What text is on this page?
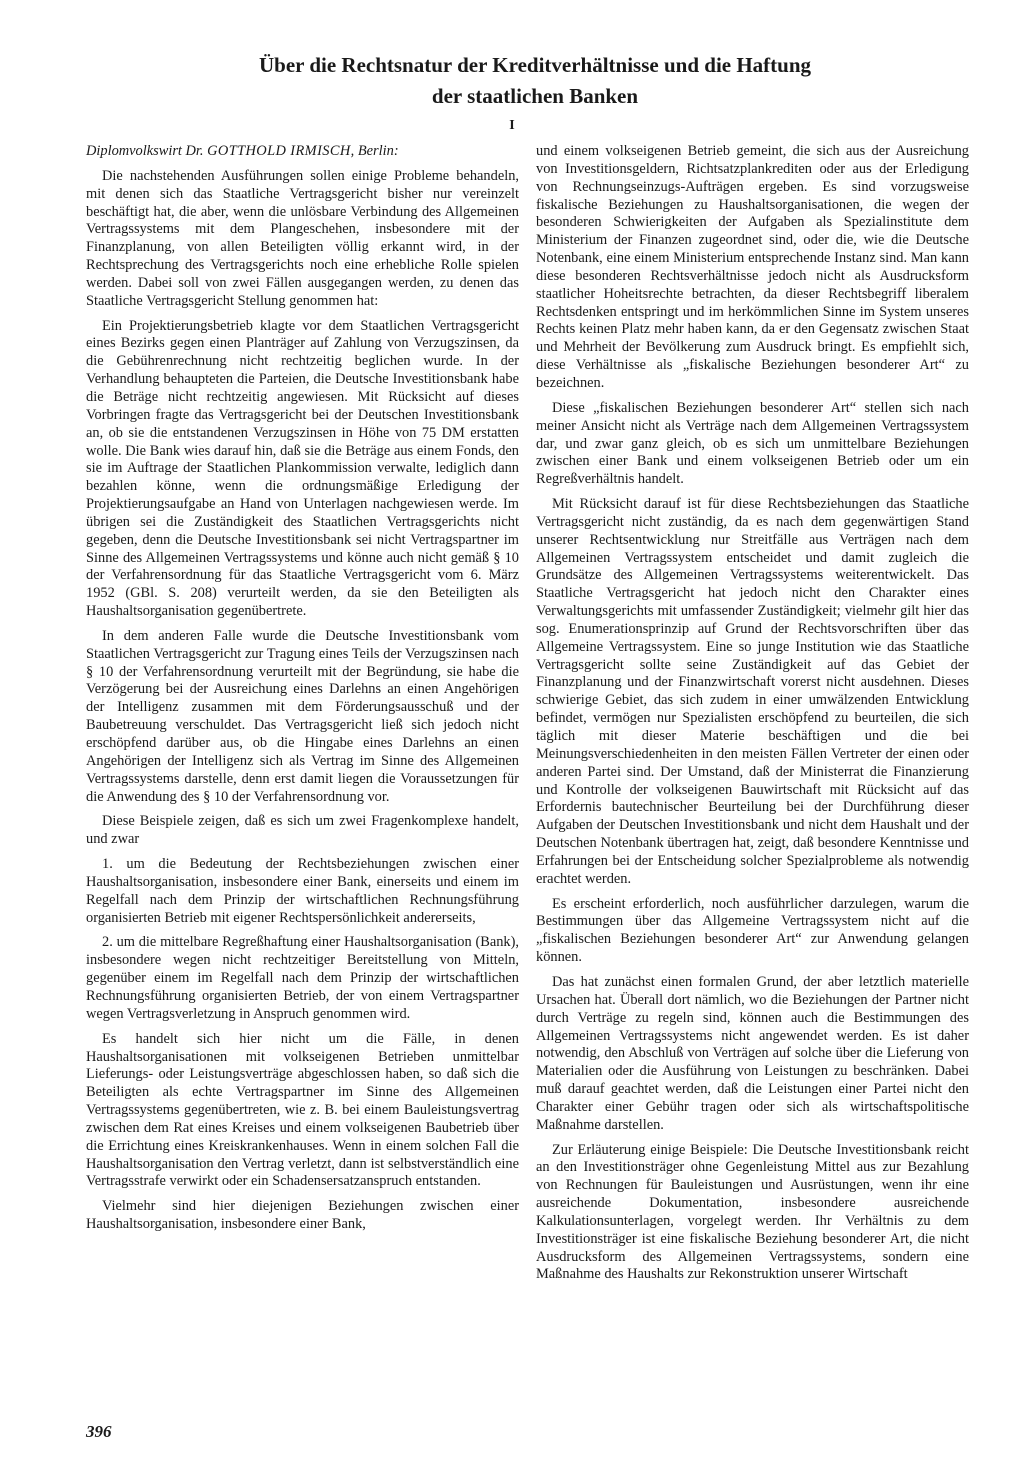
Über die Rechtsnatur der Kreditverhältnisse und die Haftung
der staatlichen Banken
I

Diplomvolkswirt Dr. GOTTHOLD IRMISCH, Berlin:

Die nachstehenden Ausführungen sollen einige Probleme behandeln, mit denen sich das Staatliche Vertragsgericht bisher nur vereinzelt beschäftigt hat, die aber, wenn die unlösbare Verbindung des Allgemeinen Vertragssystems mit dem Plangeschehen, insbesondere mit der Finanzplanung, von allen Beteiligten völlig erkannt wird, in der Rechtsprechung des Vertragsgerichts noch eine erhebliche Rolle spielen werden. Dabei soll von zwei Fällen ausgegangen werden, zu denen das Staatliche Vertragsgericht Stellung genommen hat:

Ein Projektierungsbetrieb klagte vor dem Staatlichen Vertragsgericht eines Bezirks gegen einen Planträger auf Zahlung von Verzugszinsen, da die Gebührenrechnung nicht rechtzeitig beglichen wurde. In der Verhandlung behaupteten die Parteien, die Deutsche Investitionsbank habe die Beträge nicht rechtzeitig angewiesen. Mit Rücksicht auf dieses Vorbringen fragte das Vertragsgericht bei der Deutschen Investitionsbank an, ob sie die entstandenen Verzugszinsen in Höhe von 75 DM erstatten wolle. Die Bank wies darauf hin, daß sie die Beträge aus einem Fonds, den sie im Auftrage der Staatlichen Plankommission verwalte, lediglich dann bezahlen könne, wenn die ordnungsmäßige Erledigung der Projektierungsaufgabe an Hand von Unterlagen nachgewiesen werde. Im übrigen sei die Zuständigkeit des Staatlichen Vertragsgerichts nicht gegeben, denn die Deutsche Investitionsbank sei nicht Vertragspartner im Sinne des Allgemeinen Vertragssystems und könne auch nicht gemäß § 10 der Verfahrensordnung für das Staatliche Vertragsgericht vom 6. März 1952 (GBl. S. 208) verurteilt werden, da sie den Beteiligten als Haushaltsorganisation gegenübertrete.

In dem anderen Falle wurde die Deutsche Investitionsbank vom Staatlichen Vertragsgericht zur Tragung eines Teils der Verzugszinsen nach § 10 der Verfahrensordnung verurteilt mit der Begründung, sie habe die Verzögerung bei der Ausreichung eines Darlehns an einen Angehörigen der Intelligenz zusammen mit dem Förderungsausschuß und der Baubetreuung verschuldet. Das Vertragsgericht ließ sich jedoch nicht erschöpfend darüber aus, ob die Hingabe eines Darlehns an einen Angehörigen der Intelligenz sich als Vertrag im Sinne des Allgemeinen Vertragssystems darstelle, denn erst damit liegen die Voraussetzungen für die Anwendung des § 10 der Verfahrensordnung vor.

Diese Beispiele zeigen, daß es sich um zwei Fragenkomplexe handelt, und zwar

1. um die Bedeutung der Rechtsbeziehungen zwischen einer Haushaltsorganisation, insbesondere einer Bank, einerseits und einem im Regelfall nach dem Prinzip der wirtschaftlichen Rechnungsführung organisierten Betrieb mit eigener Rechtspersönlichkeit andererseits,

2. um die mittelbare Regreßhaftung einer Haushaltsorganisation (Bank), insbesondere wegen nicht rechtzeitiger Bereitstellung von Mitteln, gegenüber einem im Regelfall nach dem Prinzip der wirtschaftlichen Rechnungsführung organisierten Betrieb, der von einem Vertragspartner wegen Vertragsverletzung in Anspruch genommen wird.

Es handelt sich hier nicht um die Fälle, in denen Haushaltsorganisationen mit volkseigenen Betrieben unmittelbar Lieferungs- oder Leistungsverträge abgeschlossen haben, so daß sich die Beteiligten als echte Vertragspartner im Sinne des Allgemeinen Vertragssystems gegenübertreten, wie z. B. bei einem Bauleistungsvertrag zwischen dem Rat eines Kreises und einem volkseigenen Baubetrieb über die Errichtung eines Kreiskrankenhauses. Wenn in einem solchen Fall die Haushaltsorganisation den Vertrag verletzt, dann ist selbstverständlich eine Vertragsstrafe verwirkt oder ein Schadensersatzanspruch entstanden.

Vielmehr sind hier diejenigen Beziehungen zwischen einer Haushaltsorganisation, insbesondere einer Bank,

und einem volkseigenen Betrieb gemeint, die sich aus der Ausreichung von Investitionsgeldern, Richtsatzplankrediten oder aus der Erledigung von Rechnungseinzugs-Aufträgen ergeben. Es sind vorzugsweise fiskalische Beziehungen zu Haushaltsorganisationen, die wegen der besonderen Schwierigkeiten der Aufgaben als Spezialinstitute dem Ministerium der Finanzen zugeordnet sind, oder die, wie die Deutsche Notenbank, eine einem Ministerium entsprechende Instanz sind. Man kann diese besonderen Rechtsverhältnisse jedoch nicht als Ausdrucksform staatlicher Hoheitsrechte betrachten, da dieser Rechtsbegriff liberalem Rechtsdenken entspringt und im herkömmlichen Sinne im System unseres Rechts keinen Platz mehr haben kann, da er den Gegensatz zwischen Staat und Mehrheit der Bevölkerung zum Ausdruck bringt. Es empfiehlt sich, diese Verhältnisse als „fiskalische Beziehungen besonderer Art“ zu bezeichnen.

Diese „fiskalischen Beziehungen besonderer Art“ stellen sich nach meiner Ansicht nicht als Verträge nach dem Allgemeinen Vertragssystem dar, und zwar ganz gleich, ob es sich um unmittelbare Beziehungen zwischen einer Bank und einem volkseigenen Betrieb oder um ein Regreßverhältnis handelt.

Mit Rücksicht darauf ist für diese Rechtsbeziehungen das Staatliche Vertragsgericht nicht zuständig, da es nach dem gegenwärtigen Stand unserer Rechtsentwicklung nur Streitfälle aus Verträgen nach dem Allgemeinen Vertragssystem entscheidet und damit zugleich die Grundsätze des Allgemeinen Vertragssystems weiterentwickelt. Das Staatliche Vertragsgericht hat jedoch nicht den Charakter eines Verwaltungsgerichts mit umfassender Zuständigkeit; vielmehr gilt hier das sog. Enumerationsprinzip auf Grund der Rechtsvorschriften über das Allgemeine Vertragssystem. Eine so junge Institution wie das Staatliche Vertragsgericht sollte seine Zuständigkeit auf das Gebiet der Finanzplanung und der Finanzwirtschaft vorerst nicht ausdehnen. Dieses schwierige Gebiet, das sich zudem in einer umwälzenden Entwicklung befindet, vermögen nur Spezialisten erschöpfend zu beurteilen, die sich täglich mit dieser Materie beschäftigen und die bei Meinungsverschiedenheiten in den meisten Fällen Vertreter der einen oder anderen Partei sind. Der Umstand, daß der Ministerrat die Finanzierung und Kontrolle der volkseigenen Bauwirtschaft mit Rücksicht auf das Erfordernis bautechnischer Beurteilung bei der Durchführung dieser Aufgaben der Deutschen Investitionsbank und nicht dem Haushalt und der Deutschen Notenbank übertragen hat, zeigt, daß besondere Kenntnisse und Erfahrungen bei der Entscheidung solcher Spezialprobleme als notwendig erachtet werden.

Es erscheint erforderlich, noch ausführlicher darzulegen, warum die Bestimmungen über das Allgemeine Vertragssystem nicht auf die „fiskalischen Beziehungen besonderer Art“ zur Anwendung gelangen können.

Das hat zunächst einen formalen Grund, der aber letztlich materielle Ursachen hat. Überall dort nämlich, wo die Beziehungen der Partner nicht durch Verträge zu regeln sind, können auch die Bestimmungen des Allgemeinen Vertragssystems nicht angewendet werden. Es ist daher notwendig, den Abschluß von Verträgen auf solche über die Lieferung von Materialien oder die Ausführung von Leistungen zu beschränken. Dabei muß darauf geachtet werden, daß die Leistungen einer Partei nicht den Charakter einer Gebühr tragen oder sich als wirtschaftspolitische Maßnahme darstellen.

Zur Erläuterung einige Beispiele: Die Deutsche Investitionsbank reicht an den Investitionsträger ohne Gegenleistung Mittel aus zur Bezahlung von Rechnungen für Bauleistungen und Ausrüstungen, wenn ihr eine ausreichende Dokumentation, insbesondere ausreichende Kalkulationsunterlagen, vorgelegt werden. Ihr Verhältnis zu dem Investitionsträger ist eine fiskalische Beziehung besonderer Art, die nicht Ausdrucksform des Allgemeinen Vertragssystems, sondern eine Maßnahme des Haushalts zur Rekonstruktion unserer Wirtschaft

396
